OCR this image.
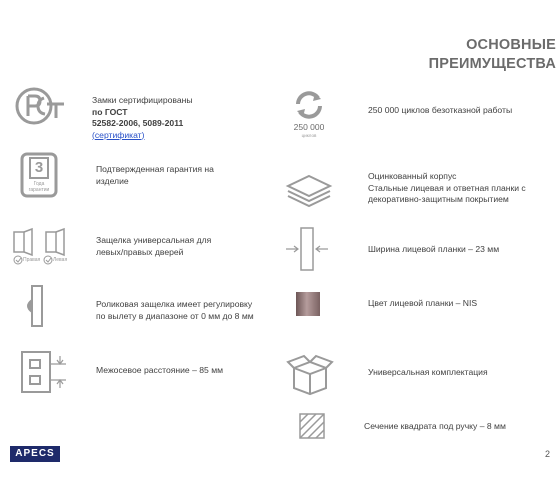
ОСНОВНЫЕ
ПРЕИМУЩЕСТВА
Замки сертифицированы
по ГОСТ
52582-2006, 5089-2011
(сертификат)
3
Года
гарантии
Подтвержденная гарантия на
изделие
Правая	Левая
Защелка универсальная для
левых/правых дверей
Роликовая защелка имеет регулировку
по вылету в диапазоне от 0 мм до 8 мм
Межосевое расстояние – 85 мм
250 000
циклов
250 000 циклов безотказной работы
Оцинкованный корпус
Стальные лицевая и ответная планки с
декоративно-защитным покрытием
Ширина лицевой планки – 23 мм
Цвет лицевой планки – NIS
Универсальная комплектация
Сечение квадрата под ручку – 8 мм
APECS	2
